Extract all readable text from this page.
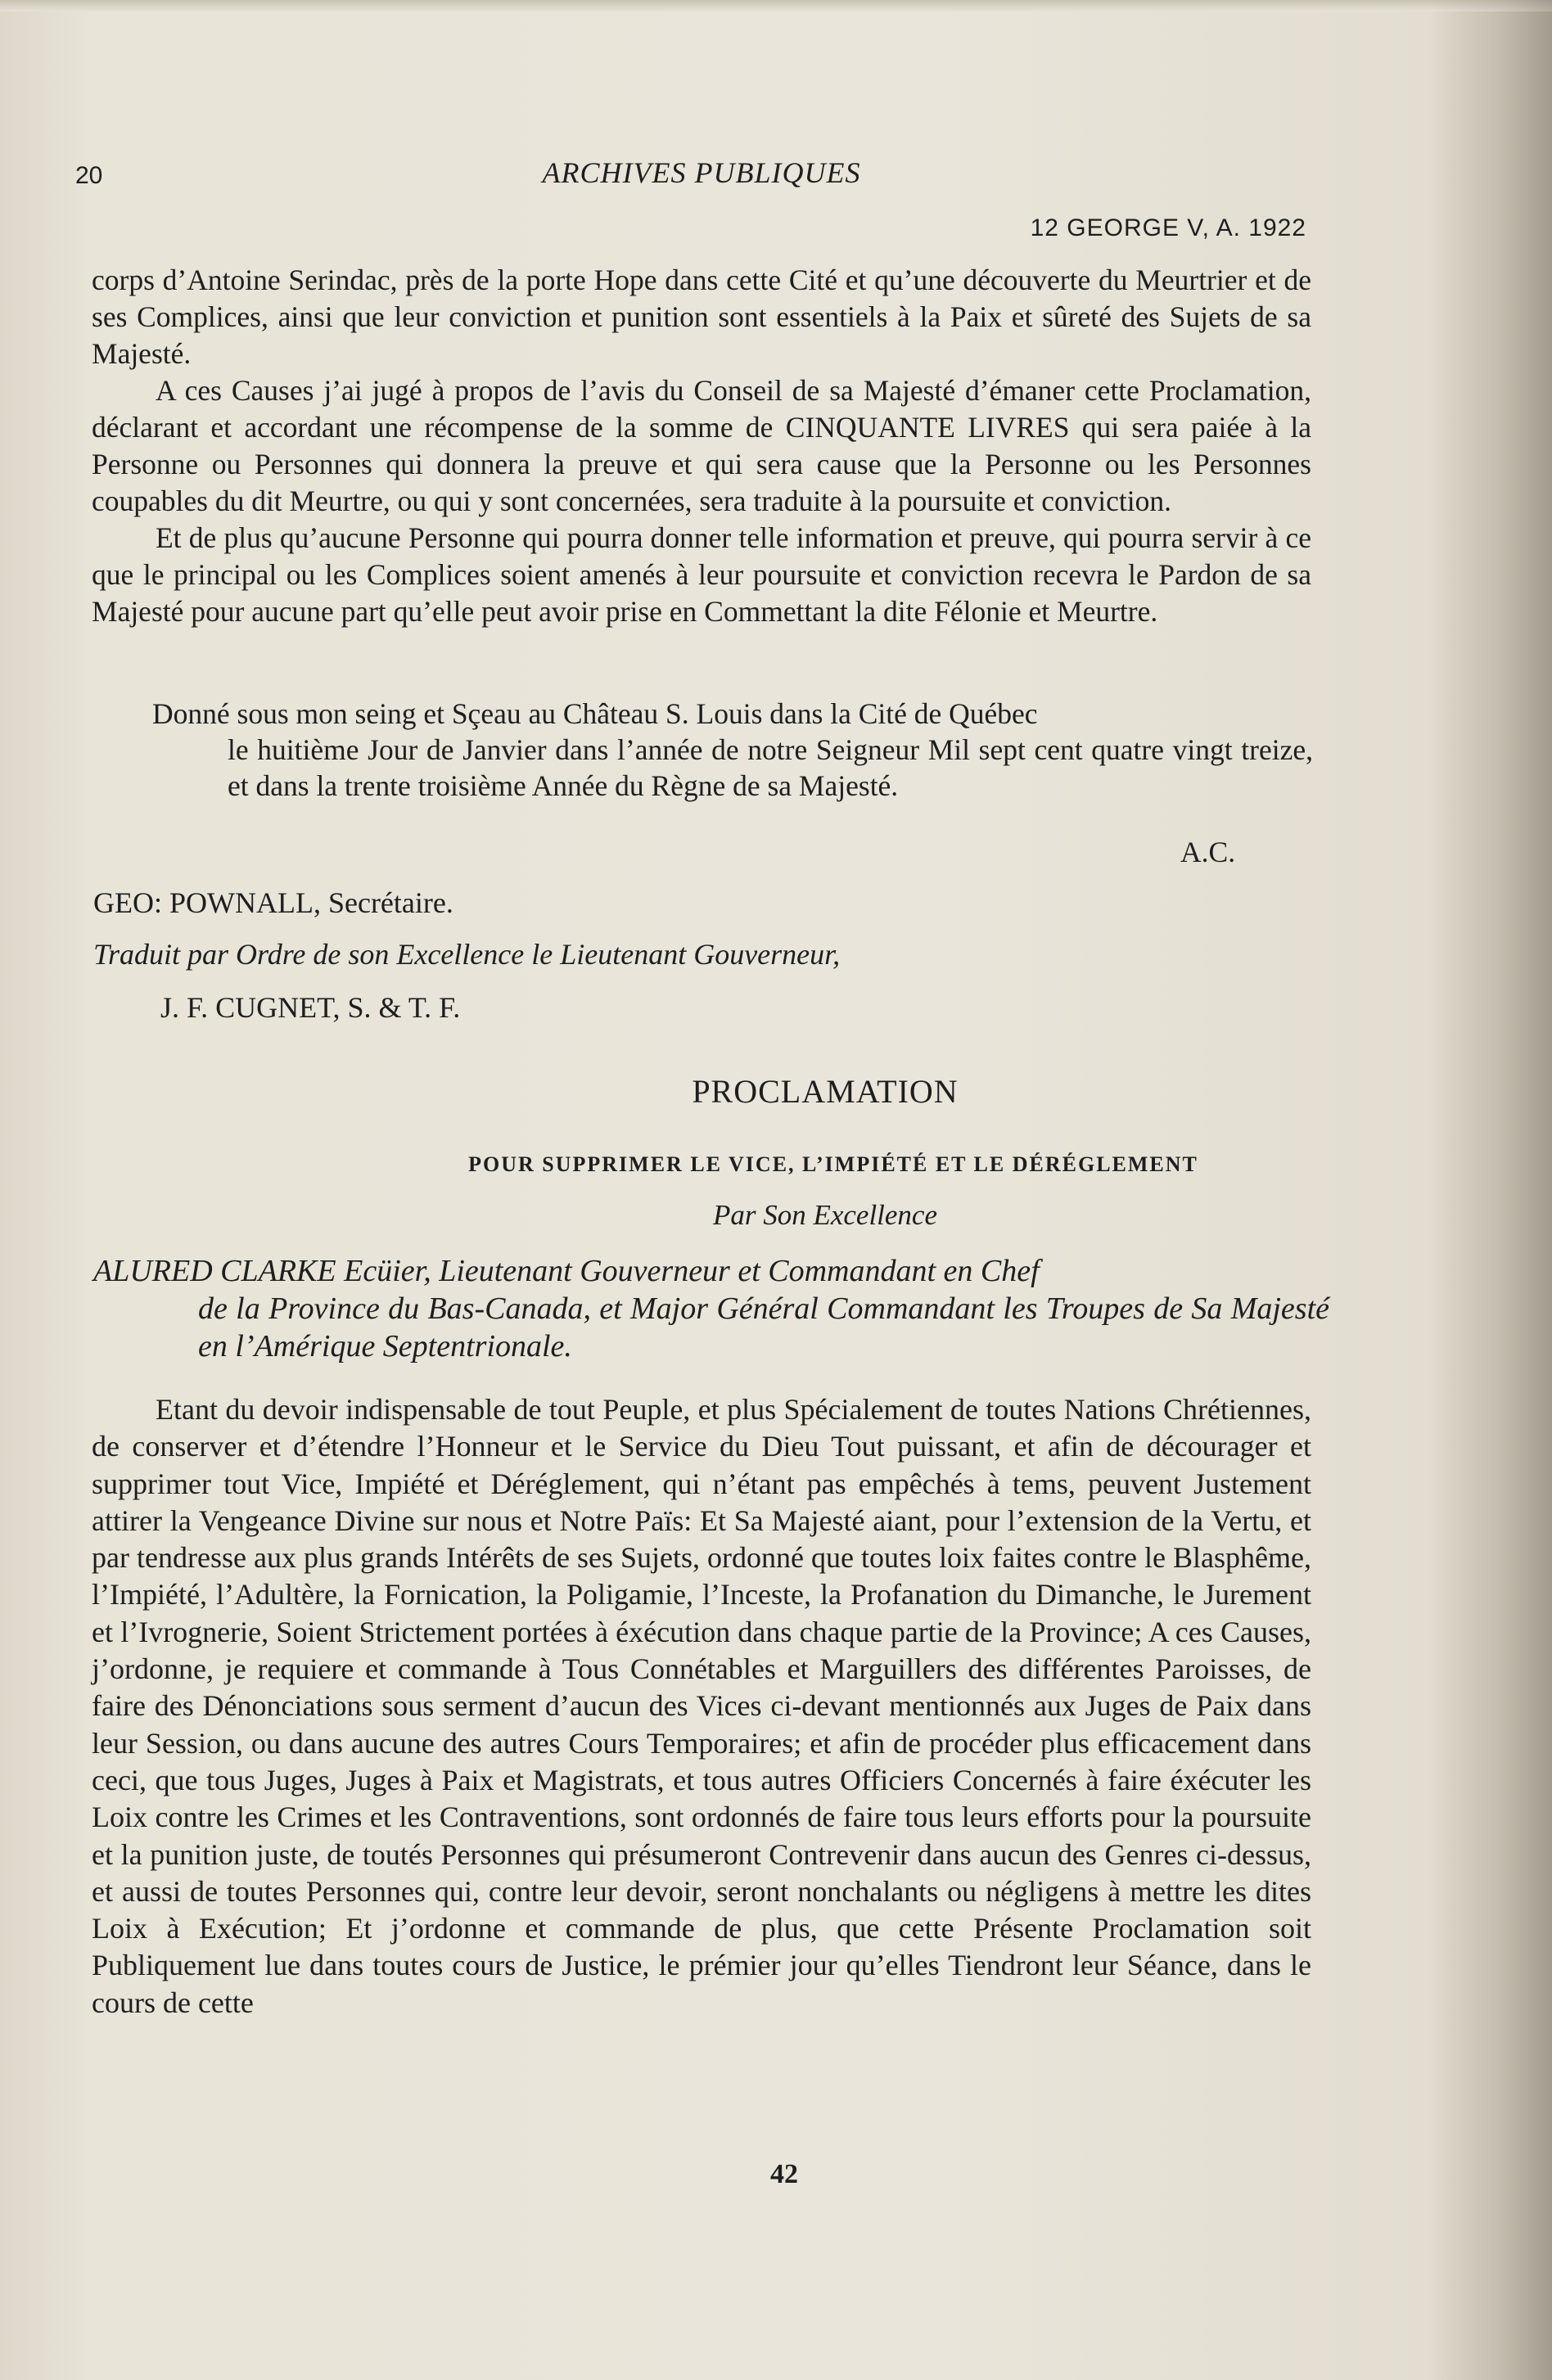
20	ARCHIVES PUBLIQUES
12 GEORGE V, A. 1922

corps d’Antoine Serindac, près de la porte Hope dans cette Cité et qu’une découverte du Meurtrier et de ses Complices, ainsi que leur conviction et punition sont essentiels à la Paix et sûreté des Sujets de sa Majesté.

A ces Causes j’ai jugé à propos de l’avis du Conseil de sa Majesté d’émaner cette Proclamation, déclarant et accordant une récompense de la somme de CINQUANTE LIVRES qui sera paiée à la Personne ou Personnes qui donnera la preuve et qui sera cause que la Personne ou les Personnes coupables du dit Meurtre, ou qui y sont concernées, sera traduite à la poursuite et conviction.

Et de plus qu’aucune Personne qui pourra donner telle information et preuve, qui pourra servir à ce que le principal ou les Complices soient amenés à leur poursuite et conviction recevra le Pardon de sa Majesté pour aucune part qu’elle peut avoir prise en Commettant la dite Félonie et Meurtre.

Donné sous mon seing et Sçeau au Château S. Louis dans la Cité de Québec
le huitième Jour de Janvier dans l’année de notre Seigneur Mil sept cent quatre vingt treize, et dans la trente troisième Année du Règne de sa Majesté.
A.C.
GEO: POWNALL, Secrétaire.
Traduit par Ordre de son Excellence le Lieutenant Gouverneur,
J. F. CUGNET, S. & T. F.
PROCLAMATION
POUR SUPPRIMER LE VICE, L’IMPIÉTÉ ET LE DÉRÉGLEMENT
Par Son Excellence
ALURED CLARKE Ecüier, Lieutenant Gouverneur et Commandant en Chef
de la Province du Bas-Canada, et Major Général Commandant les Troupes de Sa Majesté en l’Amérique Septentrionale.

Etant du devoir indispensable de tout Peuple, et plus Spécialement de toutes Nations Chrétiennes, de conserver et d’étendre l’Honneur et le Service du Dieu Tout puissant, et afin de décourager et supprimer tout Vice, Impiété et Déréglement, qui n’étant pas empêchés à tems, peuvent Justement attirer la Vengeance Divine sur nous et Notre Païs: Et Sa Majesté aiant, pour l’extension de la Vertu, et par tendresse aux plus grands Intérêts de ses Sujets, ordonné que toutes loix faites contre le Blasphême, l’Impiété, l’Adultère, la Fornication, la Poligamie, l’Inceste, la Profanation du Dimanche, le Jurement et l’Ivrognerie, Soient Strictement portées à éxécution dans chaque partie de la Province; A ces Causes, j’ordonne, je requiere et commande à Tous Connétables et Marguillers des différentes Paroisses, de faire des Dénonciations sous serment d’aucun des Vices ci-devant mentionnés aux Juges de Paix dans leur Session, ou dans aucune des autres Cours Temporaires; et afin de procéder plus efficacement dans ceci, que tous Juges, Juges à Paix et Magistrats, et tous autres Officiers Concernés à faire éxécuter les Loix contre les Crimes et les Contraventions, sont ordonnés de faire tous leurs efforts pour la poursuite et la punition juste, de toutés Personnes qui présumeront Contrevenir dans aucun des Genres ci-dessus, et aussi de toutes Personnes qui, contre leur devoir, seront nonchalants ou négligens à mettre les dites Loix à Exécution; Et j’ordonne et commande de plus, que cette Présente Proclamation soit Publiquement lue dans toutes cours de Justice, le prémier jour qu’elles Tiendront leur Séance, dans le cours de cette

42
